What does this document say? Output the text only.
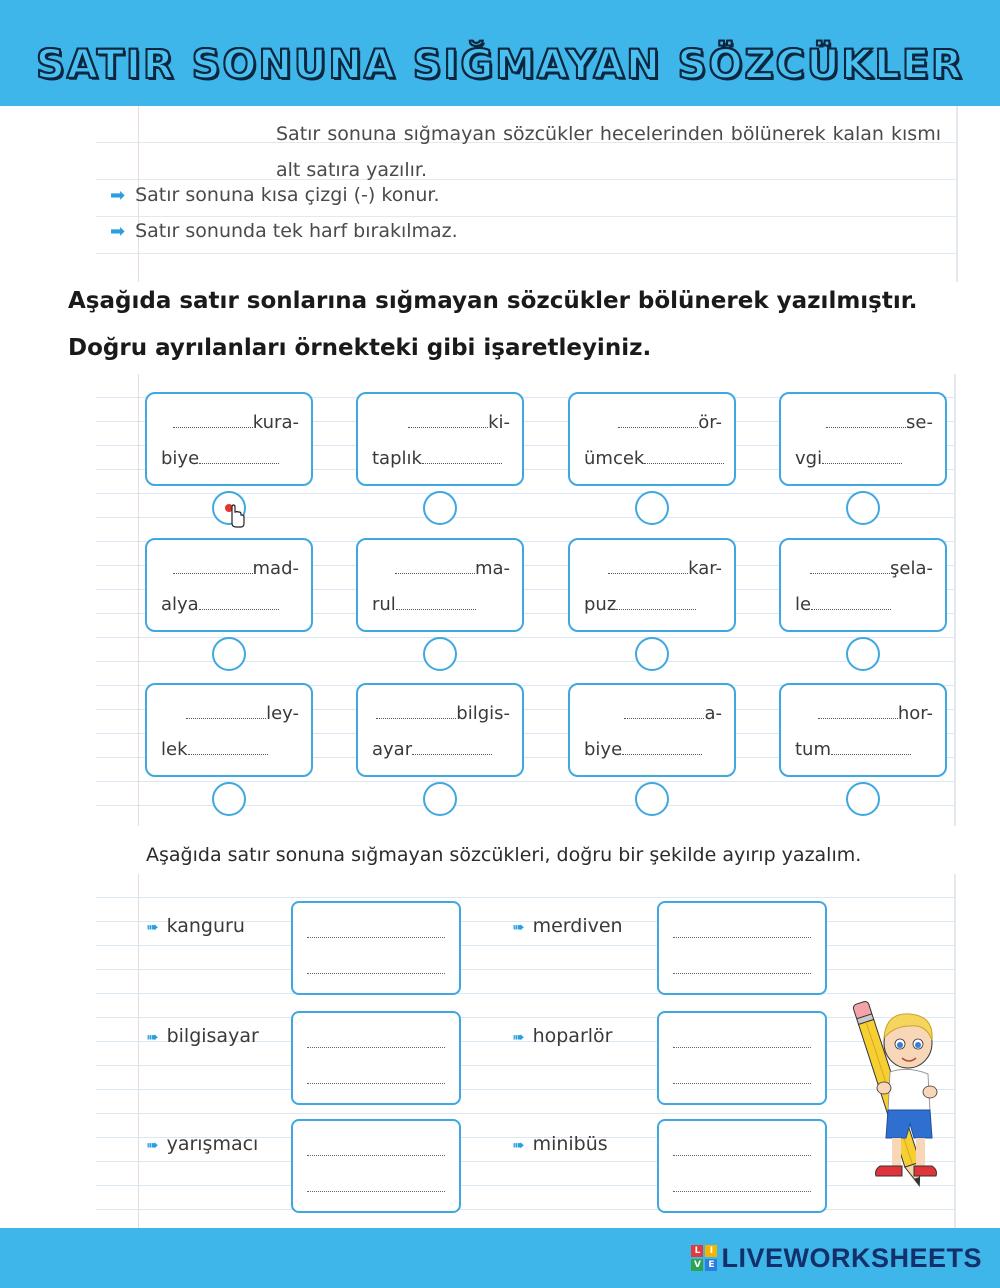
SATIR SONUNA SIĞMAYAN SÖZCÜKLER
Satır sonuna sığmayan sözcükler hecelerinden bölünerek kalan kısmı alt satıra yazılır.
➡ Satır sonuna kısa çizgi (-) konur.
➡ Satır sonunda tek harf bırakılmaz.
Aşağıda satır sonlarına sığmayan sözcükler bölünerek yazılmıştır.
Doğru ayrılanları örnekteki gibi işaretleyiniz.
kura-
biye
ki-
taplık
ör-
ümcek
se-
vgi
mad-
alya
ma-
rul
kar-
puz
şela-
le
ley-
lek
bilgis-
ayar
a-
biye
hor-
tum
Aşağıda satır sonuna sığmayan sözcükleri, doğru bir şekilde ayırıp yazalım.
➠ kanguru	➠ merdiven
➠ bilgisayar	➠ hoparlör
➠ yarışmacı	➠ minibüs
L	I
V E LIVEWORKSHEETS
